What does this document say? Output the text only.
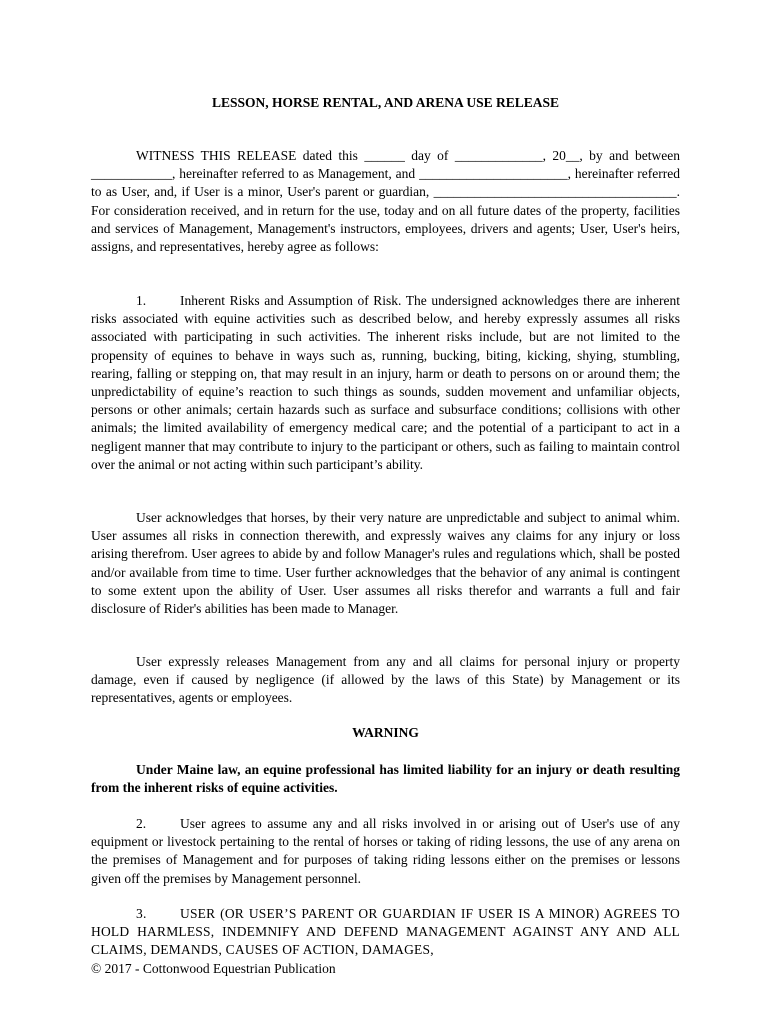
LESSON, HORSE RENTAL, AND ARENA USE RELEASE

WITNESS THIS RELEASE dated this ______ day of _____________, 20__, by and between ____________, hereinafter referred to as Management, and ______________________, hereinafter referred to as User, and, if User is a minor, User's parent or guardian, ____________________________________. For consideration received, and in return for the use, today and on all future dates of the property, facilities and services of Management, Management's instructors, employees, drivers and agents; User, User's heirs, assigns, and representatives, hereby agree as follows:

1.	Inherent Risks and Assumption of Risk. The undersigned acknowledges there are inherent risks associated with equine activities such as described below, and hereby expressly assumes all risks associated with participating in such activities. The inherent risks include, but are not limited to the propensity of equines to behave in ways such as, running, bucking, biting, kicking, shying, stumbling, rearing, falling or stepping on, that may result in an injury, harm or death to persons on or around them; the unpredictability of equine’s reaction to such things as sounds, sudden movement and unfamiliar objects, persons or other animals; certain hazards such as surface and subsurface conditions; collisions with other animals; the limited availability of emergency medical care; and the potential of a participant to act in a negligent manner that may contribute to injury to the participant or others, such as failing to maintain control over the animal or not acting within such participant’s ability.

User acknowledges that horses, by their very nature are unpredictable and subject to animal whim. User assumes all risks in connection therewith, and expressly waives any claims for any injury or loss arising therefrom. User agrees to abide by and follow Manager's rules and regulations which, shall be posted and/or available from time to time. User further acknowledges that the behavior of any animal is contingent to some extent upon the ability of User. User assumes all risks therefor and warrants a full and fair disclosure of Rider's abilities has been made to Manager.

User expressly releases Management from any and all claims for personal injury or property damage, even if caused by negligence (if allowed by the laws of this State) by Management or its representatives, agents or employees.

WARNING

Under Maine law, an equine professional has limited liability for an injury or death resulting from the inherent risks of equine activities.

2.	User agrees to assume any and all risks involved in or arising out of User's use of any equipment or livestock pertaining to the rental of horses or taking of riding lessons, the use of any arena on the premises of Management and for purposes of taking riding lessons either on the premises or lessons given off the premises by Management personnel.

3. USER (OR USER’S PARENT OR GUARDIAN IF USER IS A MINOR) AGREES TO HOLD HARMLESS, INDEMNIFY AND DEFEND MANAGEMENT AGAINST ANY AND ALL CLAIMS, DEMANDS, CAUSES OF ACTION, DAMAGES,

© 2017 - Cottonwood Equestrian Publication
